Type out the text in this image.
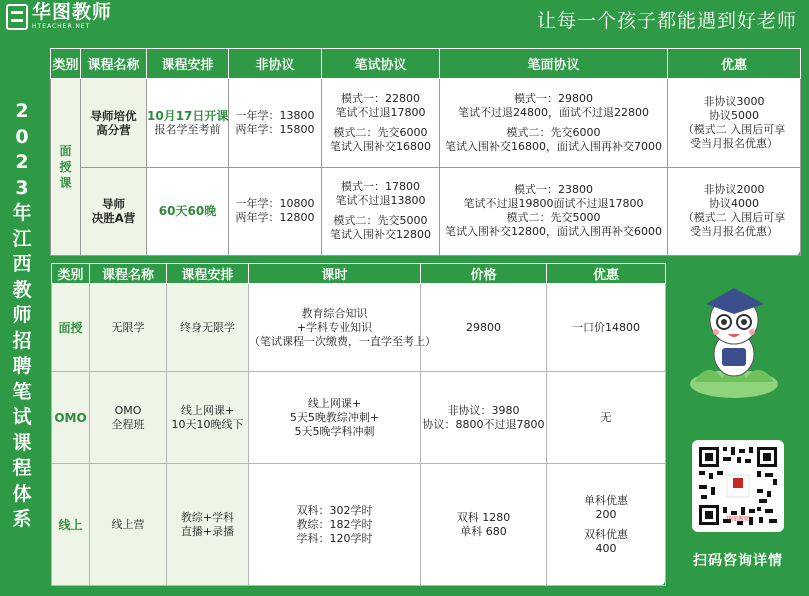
华图教师
HTEACHER.NET	让每一个孩子都能遇到好老师
2
0
2
3
年
江
西
教
师
招
聘
笔
试
课
程
体
系
类别	课程名称	课程安排	非协议	笔试协议	笔面协议	优惠
面授课	导师培优
高分营	10月17日开课
报名学至考前	一年学：13800
两年学：15800	模式一：22800
笔试不过退17800
模式二：先交6000
笔试入围补交16800	模式一：29800
笔试不过退24800，面试不过退22800
模式二：先交6000
笔试入围补交16800，面试入围再补交7000	非协议3000
协议5000
（模式二 入围后可享
受当月报名优惠）

	导师
决胜A营	60天60晚	一年学：10800
两年学：12800	模式一：17800
笔试不过退13800
模式二：先交5000
笔试入围补交12800	模式一：23800
笔试不过退19800面试不过退17800
模式二：先交5000
笔试入围补交12800，面试入围再补交6000	非协议2000
协议4000
（模式二 入围后可享
受当月报名优惠）
类别	课程名称	课程安排	课时	价格	优惠
面授	无限学	终身无限学	教育综合知识
+学科专业知识
（笔试课程一次缴费，一直学至考上）	29800	一口价14800

OMO	OMO
全程班	线上网课+
10天10晚线下	线上网课+
5天5晚教综冲刺+
5天5晚学科冲刺	非协议：3980
协议：8800不过退7800	无

线上	线上营	教综+学科
直播+录播	双科：302学时
教综：182学时
学科：120学时	双科 1280
单科 680	单科优惠
200
双科优惠
400
华图教师
扫码咨询详情
